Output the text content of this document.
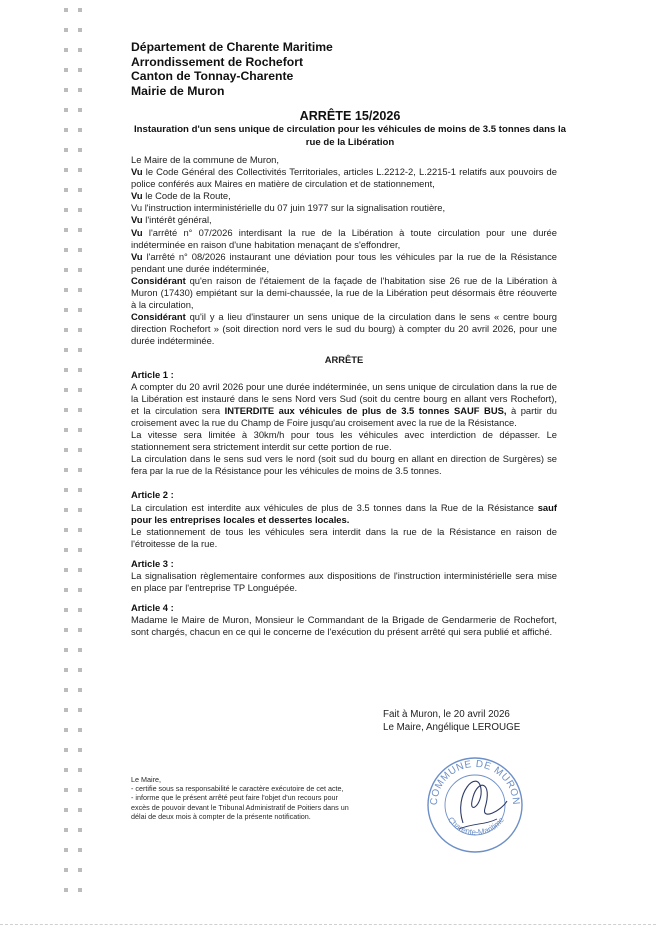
Département de Charente Maritime
Arrondissement de Rochefort
Canton de Tonnay-Charente
Mairie de Muron
ARRÊTE 15/2026
Instauration d'un sens unique de circulation pour les véhicules de moins de 3.5 tonnes dans la rue de la Libération

Le Maire de la commune de Muron,

Vu le Code Général des Collectivités Territoriales, articles L.2212-2, L.2215-1 relatifs aux pouvoirs de police conférés aux Maires en matière de circulation et de stationnement,

Vu le Code de la Route,

Vu l'instruction interministérielle du 07 juin 1977 sur la signalisation routière,

Vu l'intérêt général,

Vu l'arrêté n° 07/2026 interdisant la rue de la Libération à toute circulation pour une durée indéterminée en raison d'une habitation menaçant de s'effondrer,

Vu l'arrêté n° 08/2026 instaurant une déviation pour tous les véhicules par la rue de la Résistance pendant une durée indéterminée,

Considérant qu'en raison de l'étaiement de la façade de l'habitation sise 26 rue de la Libération à Muron (17430) empiétant sur la demi-chaussée, la rue de la Libération peut désormais être réouverte à la circulation,

Considérant qu'il y a lieu d'instaurer un sens unique de la circulation dans le sens « centre bourg direction Rochefort » (soit direction nord vers le sud du bourg) à compter du 20 avril 2026, pour une durée indéterminée.

ARRÊTE
Article 1 :

A compter du 20 avril 2026 pour une durée indéterminée, un sens unique de circulation dans la rue de la Libération est instauré dans le sens Nord vers Sud (soit du centre bourg en allant vers Rochefort), et la circulation sera INTERDITE aux véhicules de plus de 3.5 tonnes SAUF BUS, à partir du croisement avec la rue du Champ de Foire jusqu'au croisement avec la rue de la Résistance.

La vitesse sera limitée à 30km/h pour tous les véhicules avec interdiction de dépasser. Le stationnement sera strictement interdit sur cette portion de rue.

La circulation dans le sens sud vers le nord (soit sud du bourg en allant en direction de Surgères) se fera par la rue de la Résistance pour les véhicules de moins de 3.5 tonnes.

Article 2 :

La circulation est interdite aux véhicules de plus de 3.5 tonnes dans la Rue de la Résistance sauf pour les entreprises locales et dessertes locales.

Le stationnement de tous les véhicules sera interdit dans la rue de la Résistance en raison de l'étroitesse de la rue.

Article 3 :

La signalisation règlementaire conformes aux dispositions de l'instruction interministérielle sera mise en place par l'entreprise TP Longuépée.

Article 4 :

Madame le Maire de Muron, Monsieur le Commandant de la Brigade de Gendarmerie de Rochefort, sont chargés, chacun en ce qui le concerne de l'exécution du présent arrêté qui sera publié et affiché.

Fait à Muron, le 20 avril 2026
Le Maire, Angélique LEROUGE
Le Maire,
- certifie sous sa responsabilité le caractère exécutoire de cet acte,
- informe que le présent arrêté peut faire l'objet d'un recours pour
excès de pouvoir devant le Tribunal Administratif de Poitiers dans un
délai de deux mois à compter de la présente notification.
COMMUNE DE MURON
Charente-Maritime
